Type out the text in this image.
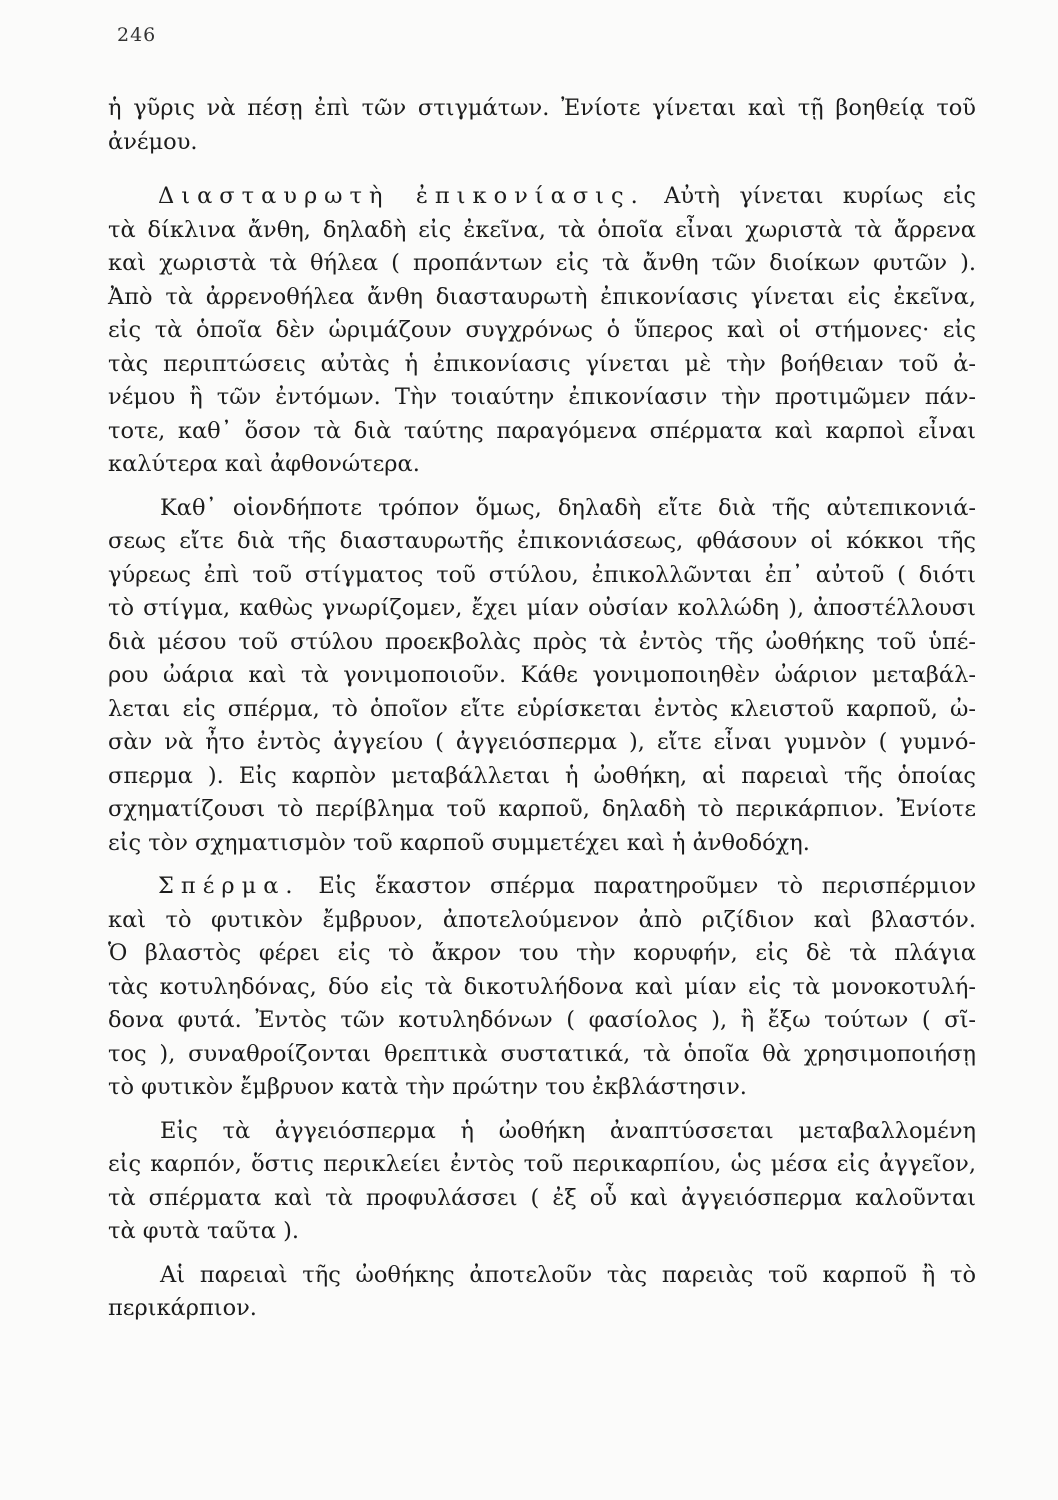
246
ἡ γῦρις νὰ πέσῃ ἐπὶ τῶν στιγμάτων. Ἐνίοτε γίνεται καὶ τῇ βοηθείᾳ τοῦ
ἀνέμου.
Διασταυρωτὴ ἐπικονίασις. Αὐτὴ γίνεται κυρίως εἰς
τὰ δίκλινα ἄνθη, δηλαδὴ εἰς ἐκεῖνα, τὰ ὁποῖα εἶναι χωριστὰ τὰ ἄρρενα
καὶ χωριστὰ τὰ θήλεα ( προπάντων εἰς τὰ ἄνθη τῶν διοίκων φυτῶν ).
Ἀπὸ τὰ ἀρρενοθήλεα ἄνθη διασταυρωτὴ ἐπικονίασις γίνεται εἰς ἐκεῖνα,
εἰς τὰ ὁποῖα δὲν ὡριμάζουν συγχρόνως ὁ ὕπερος καὶ οἱ στήμονες· εἰς
τὰς περιπτώσεις αὐτὰς ἡ ἐπικονίασις γίνεται μὲ τὴν βοήθειαν τοῦ ἀ-
νέμου ἢ τῶν ἐντόμων. Τὴν τοιαύτην ἐπικονίασιν τὴν προτιμῶμεν πάν-
τοτε, καθ᾽ ὅσον τὰ διὰ ταύτης παραγόμενα σπέρματα καὶ καρποὶ εἶναι
καλύτερα καὶ ἀφθονώτερα.
Καθ᾽ οἱονδήποτε τρόπον ὅμως, δηλαδὴ εἴτε διὰ τῆς αὐτεπικονιά-
σεως εἴτε διὰ τῆς διασταυρωτῆς ἐπικονιάσεως, φθάσουν οἱ κόκκοι τῆς
γύρεως ἐπὶ τοῦ στίγματος τοῦ στύλου, ἐπικολλῶνται ἐπ᾽ αὐτοῦ ( διότι
τὸ στίγμα, καθὼς γνωρίζομεν, ἔχει μίαν οὐσίαν κολλώδη ), ἀποστέλλουσι
διὰ μέσου τοῦ στύλου προεκβολὰς πρὸς τὰ ἐντὸς τῆς ὠοθήκης τοῦ ὑπέ-
ρου ὠάρια καὶ τὰ γονιμοποιοῦν. Κάθε γονιμοποιηθὲν ὠάριον μεταβάλ-
λεται εἰς σπέρμα, τὸ ὁποῖον εἴτε εὑρίσκεται ἐντὸς κλειστοῦ καρποῦ, ὠ-
σὰν νὰ ἦτο ἐντὸς ἀγγείου ( ἀγγειόσπερμα ), εἴτε εἶναι γυμνὸν ( γυμνό-
σπερμα ). Εἰς καρπὸν μεταβάλλεται ἡ ὠοθήκη, αἱ παρειαὶ τῆς ὁποίας
σχηματίζουσι τὸ περίβλημα τοῦ καρποῦ, δηλαδὴ τὸ περικάρπιον. Ἐνίοτε
εἰς τὸν σχηματισμὸν τοῦ καρποῦ συμμετέχει καὶ ἡ ἀνθοδόχη.
Σπέρμα. Εἰς ἕκαστον σπέρμα παρατηροῦμεν τὸ περισπέρμιον
καὶ τὸ φυτικὸν ἔμβρυον, ἀποτελούμενον ἀπὸ ριζίδιον καὶ βλαστόν.
Ὁ βλαστὸς φέρει εἰς τὸ ἄκρον του τὴν κορυφήν, εἰς δὲ τὰ πλάγια
τὰς κοτυληδόνας, δύο εἰς τὰ δικοτυλήδονα καὶ μίαν εἰς τὰ μονοκοτυλή-
δονα φυτά. Ἐντὸς τῶν κοτυληδόνων ( φασίολος ), ἢ ἔξω τούτων ( σῖ-
τος ), συναθροίζονται θρεπτικὰ συστατικά, τὰ ὁποῖα θὰ χρησιμοποιήσῃ
τὸ φυτικὸν ἔμβρυον κατὰ τὴν πρώτην του ἐκβλάστησιν.
Εἰς τὰ ἀγγειόσπερμα ἡ ὠοθήκη ἀναπτύσσεται μεταβαλλομένη
εἰς καρπόν, ὅστις περικλείει ἐντὸς τοῦ περικαρπίου, ὡς μέσα εἰς ἀγγεῖον,
τὰ σπέρματα καὶ τὰ προφυλάσσει ( ἐξ οὗ καὶ ἀγγειόσπερμα καλοῦνται
τὰ φυτὰ ταῦτα ).
Αἱ παρειαὶ τῆς ὠοθήκης ἀποτελοῦν τὰς παρειὰς τοῦ καρποῦ ἢ τὸ
περικάρπιον.
